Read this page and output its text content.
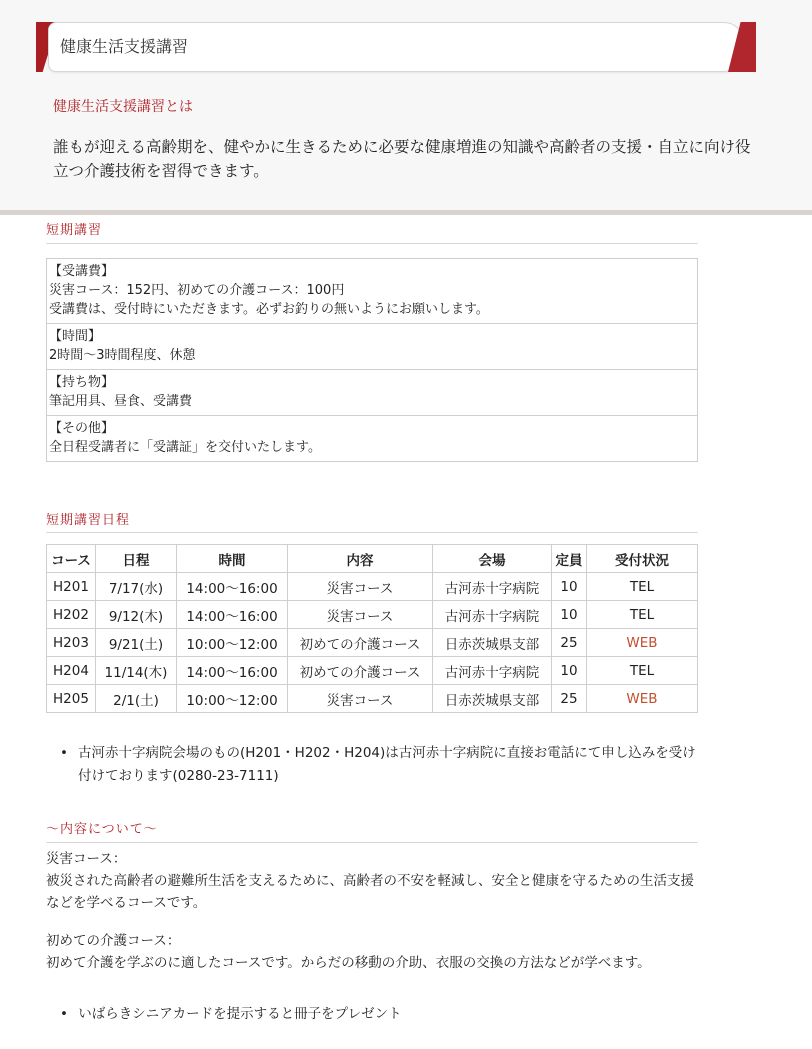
健康生活支援講習
健康生活支援講習とは
誰もが迎える高齢期を、健やかに生きるために必要な健康増進の知識や高齢者の支援・自立に向け役立つ介護技術を習得できます。
短期講習
【受講費】
災害コース：152円、初めての介護コース：100円
受講費は、受付時にいただきます。必ずお釣りの無いようにお願いします。
【時間】
2時間～3時間程度、休憩
【持ち物】
筆記用具、昼食、受講費
【その他】
全日程受講者に「受講証」を交付いたします。
短期講習日程
コース	日程	時間	内容	会場	定員	受付状況
H201	7/17(水)	14:00～16:00	災害コース	古河赤十字病院	10	TEL
H202	9/12(木)	14:00～16:00	災害コース	古河赤十字病院	10	TEL
H203	9/21(土)	10:00～12:00	初めての介護コース	日赤茨城県支部	25	WEB
H204	11/14(木)	14:00～16:00	初めての介護コース	古河赤十字病院	10	TEL
H205	2/1(土)	10:00～12:00	災害コース	日赤茨城県支部	25	WEB
• 古河赤十字病院会場のもの(H201・H202・H204)は古河赤十字病院に直接お電話にて申し込みを受け付けております(0280-23-7111)
～内容について～
災害コース：
被災された高齢者の避難所生活を支えるために、高齢者の不安を軽減し、安全と健康を守るための生活支援などを学べるコースです。
初めての介護コース：
初めて介護を学ぶのに適したコースです。からだの移動の介助、衣服の交換の方法などが学べます。
• いばらきシニアカードを提示すると冊子をプレゼント
